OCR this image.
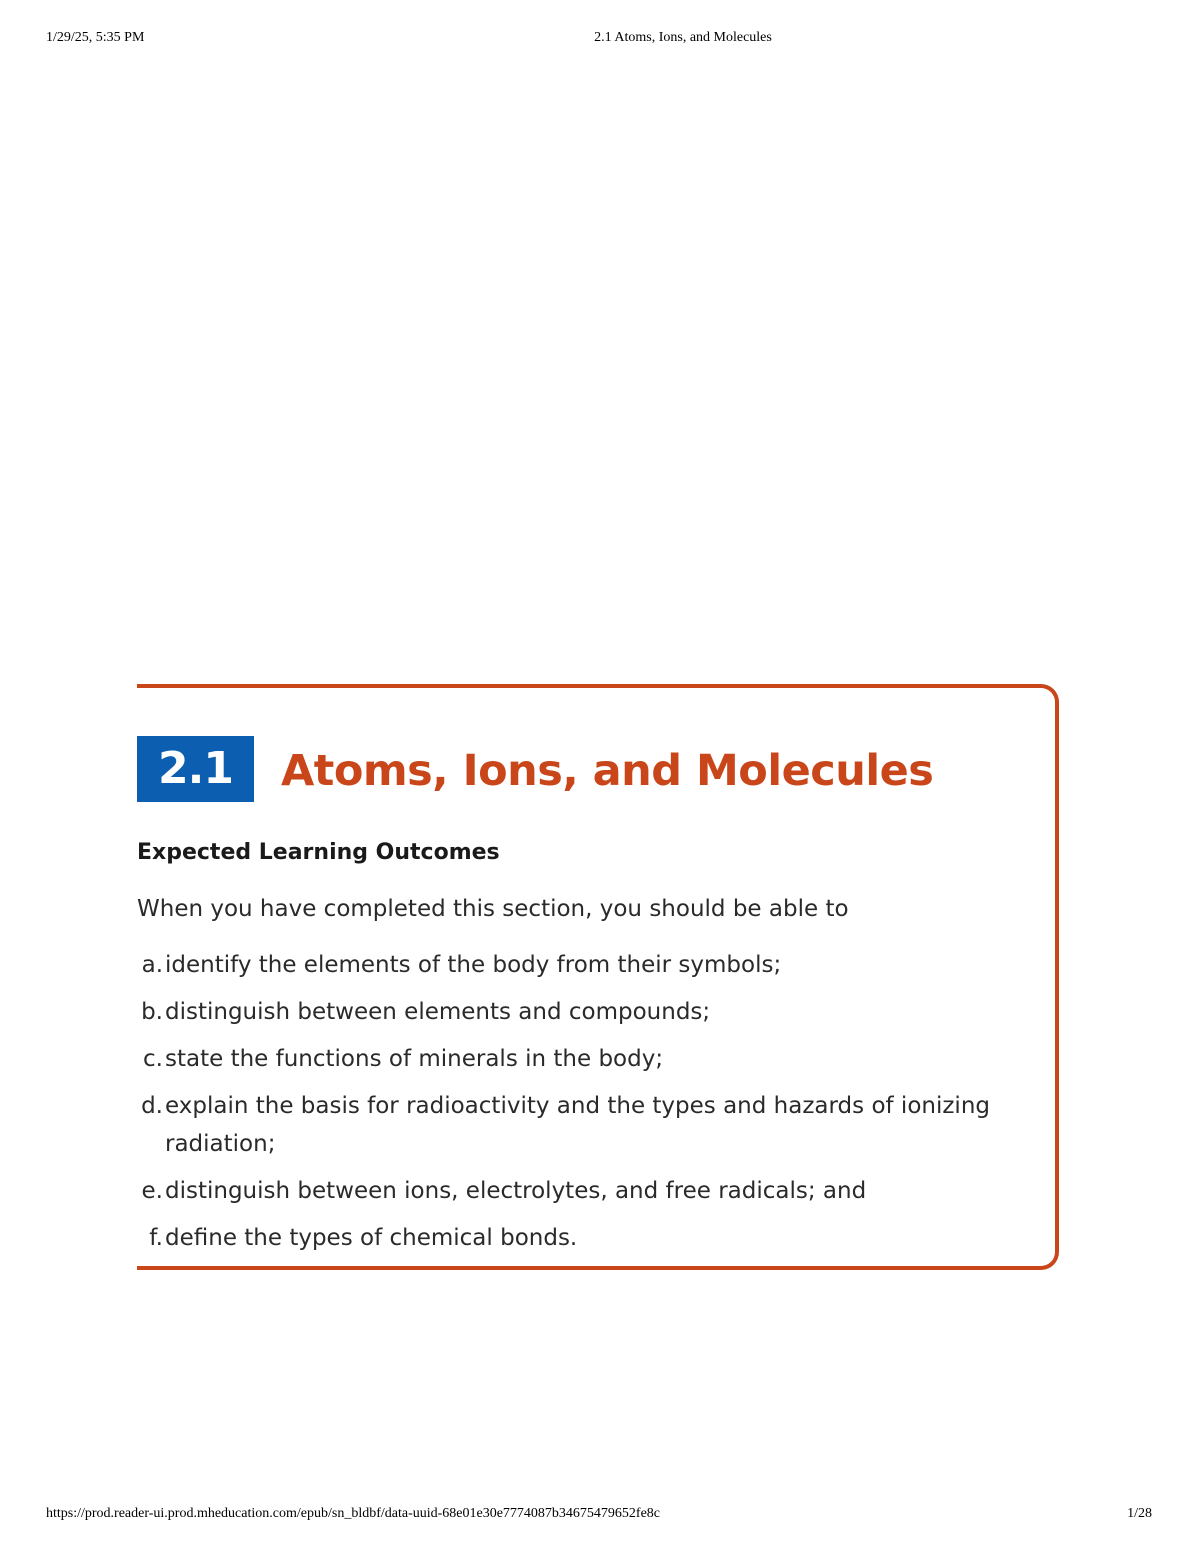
1/29/25, 5:35 PM	2.1 Atoms, Ions, and Molecules
2.1	Atoms, Ions, and Molecules
Expected Learning Outcomes
When you have completed this section, you should be able to
a. identify the elements of the body from their symbols;
b. distinguish between elements and compounds;
c. state the functions of minerals in the body;
d. explain the basis for radioactivity and the types and hazards of ionizing radiation;
e. distinguish between ions, electrolytes, and free radicals; and
f. define the types of chemical bonds.
https://prod.reader-ui.prod.mheducation.com/epub/sn_bldbf/data-uuid-68e01e30e7774087b34675479652fe8c	1/28
